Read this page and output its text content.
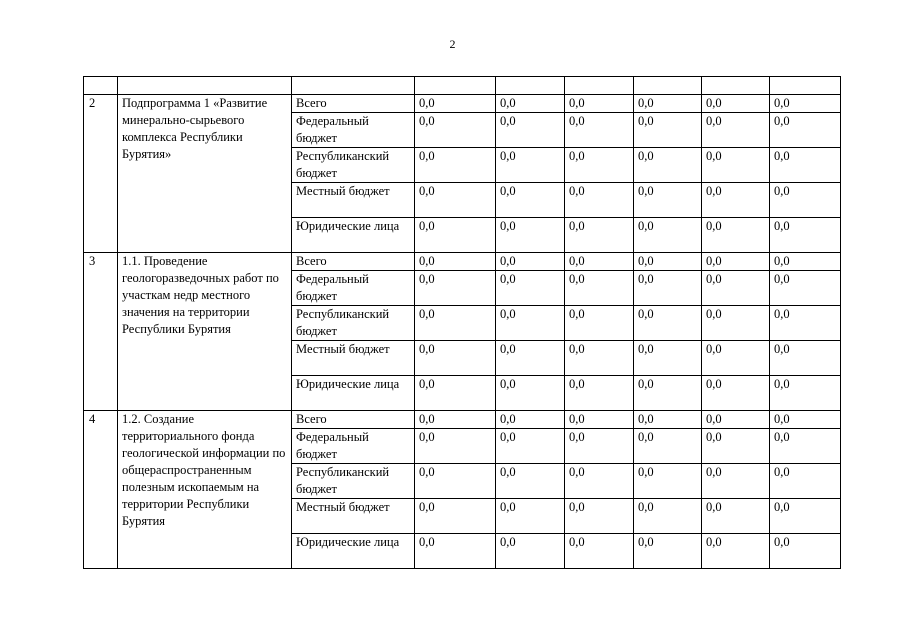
2

2	Подпрограмма 1 «Развитие минерально-сырьевого комплекса Республики Бурятия»	Всего	0,0	0,0	0,0	0,0	0,0	0,0
		Федеральный бюджет	0,0	0,0	0,0	0,0	0,0	0,0
		Республиканский бюджет	0,0	0,0	0,0	0,0	0,0	0,0
		Местный бюджет	0,0	0,0	0,0	0,0	0,0	0,0
		Юридические лица	0,0	0,0	0,0	0,0	0,0	0,0
3	1.1. Проведение геологоразведочных работ по участкам недр местного значения на территории Республики Бурятия	Всего	0,0	0,0	0,0	0,0	0,0	0,0
		Федеральный бюджет	0,0	0,0	0,0	0,0	0,0	0,0
		Республиканский бюджет	0,0	0,0	0,0	0,0	0,0	0,0
		Местный бюджет	0,0	0,0	0,0	0,0	0,0	0,0
		Юридические лица	0,0	0,0	0,0	0,0	0,0	0,0
4	1.2. Создание территориального фонда геологической информации по общераспространенным полезным ископаемым на территории Республики Бурятия	Всего	0,0	0,0	0,0	0,0	0,0	0,0
		Федеральный бюджет	0,0	0,0	0,0	0,0	0,0	0,0
		Республиканский бюджет	0,0	0,0	0,0	0,0	0,0	0,0
		Местный бюджет	0,0	0,0	0,0	0,0	0,0	0,0
		Юридические лица	0,0	0,0	0,0	0,0	0,0	0,0
